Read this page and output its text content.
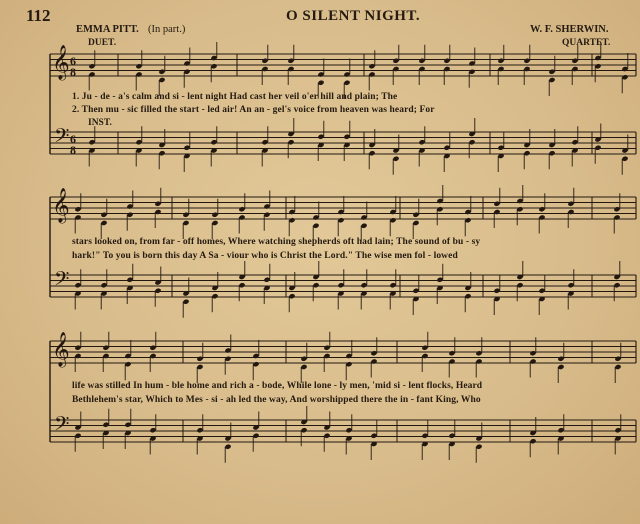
112	O SILENT NIGHT.
EMMA PITT. (In part.)	W. F. SHERWIN.
DUET.	QUARTET.
INST.
𝄞
𝄢
6
8
6
8
𝄞
𝄢
𝄞
𝄢
1. Ju - de - a's calm and si - lent night Had cast her veil o'er hill and plain; The
2. Then mu - sic filled the start - led air! An an - gel's voice from heaven was heard; For
stars looked on, from far - off homes, Where watching shepherds oft had lain; The sound of bu - sy
hark!" To you is born this day A Sa - viour who is Christ the Lord." The wise men fol - lowed
life was stilled In hum - ble home and rich a - bode, While lone - ly men, 'mid si - lent flocks, Heard
Bethlehem's star, Which to Mes - si - ah led the way, And worshipped there the in - fant King, Who
